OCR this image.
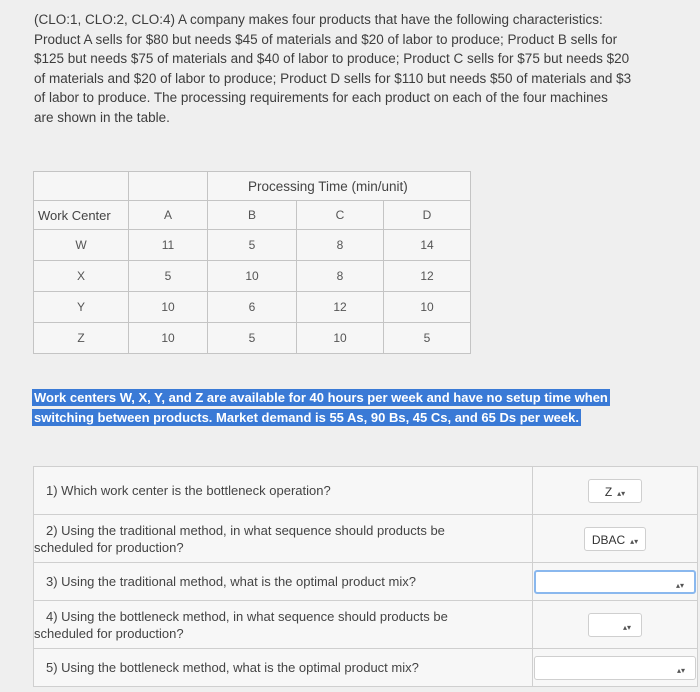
(CLO:1, CLO:2, CLO:4) A company makes four products that have the following characteristics:
Product A sells for $80 but needs $45 of materials and $20 of labor to produce; Product B sells for
$125 but needs $75 of materials and $40 of labor to produce; Product C sells for $75 but needs $20
of materials and $20 of labor to produce; Product D sells for $110 but needs $50 of materials and $3
of labor to produce. The processing requirements for each product on each of the four machines
are shown in the table.
		Processing Time (min/unit)		
Work Center	A	B	C	D
W	11	5	8	14
X	5	10	8	12
Y	10	6	12	10
Z	10	5	10	5
Work centers W, X, Y, and Z are available for 40 hours per week and have no setup time when switching between products. Market demand is 55 As, 90 Bs, 45 Cs, and 65 Ds per week.
1) Which work center is the bottleneck operation?	Z ▴▾
2) Using the traditional method, in what sequence should products be
scheduled for production?	DBAC ▴▾
3) Using the traditional method, what is the optimal product mix?	▴▾
4) Using the bottleneck method, in what sequence should products be
scheduled for production?	▴▾
5) Using the bottleneck method, what is the optimal product mix?	▴▾
